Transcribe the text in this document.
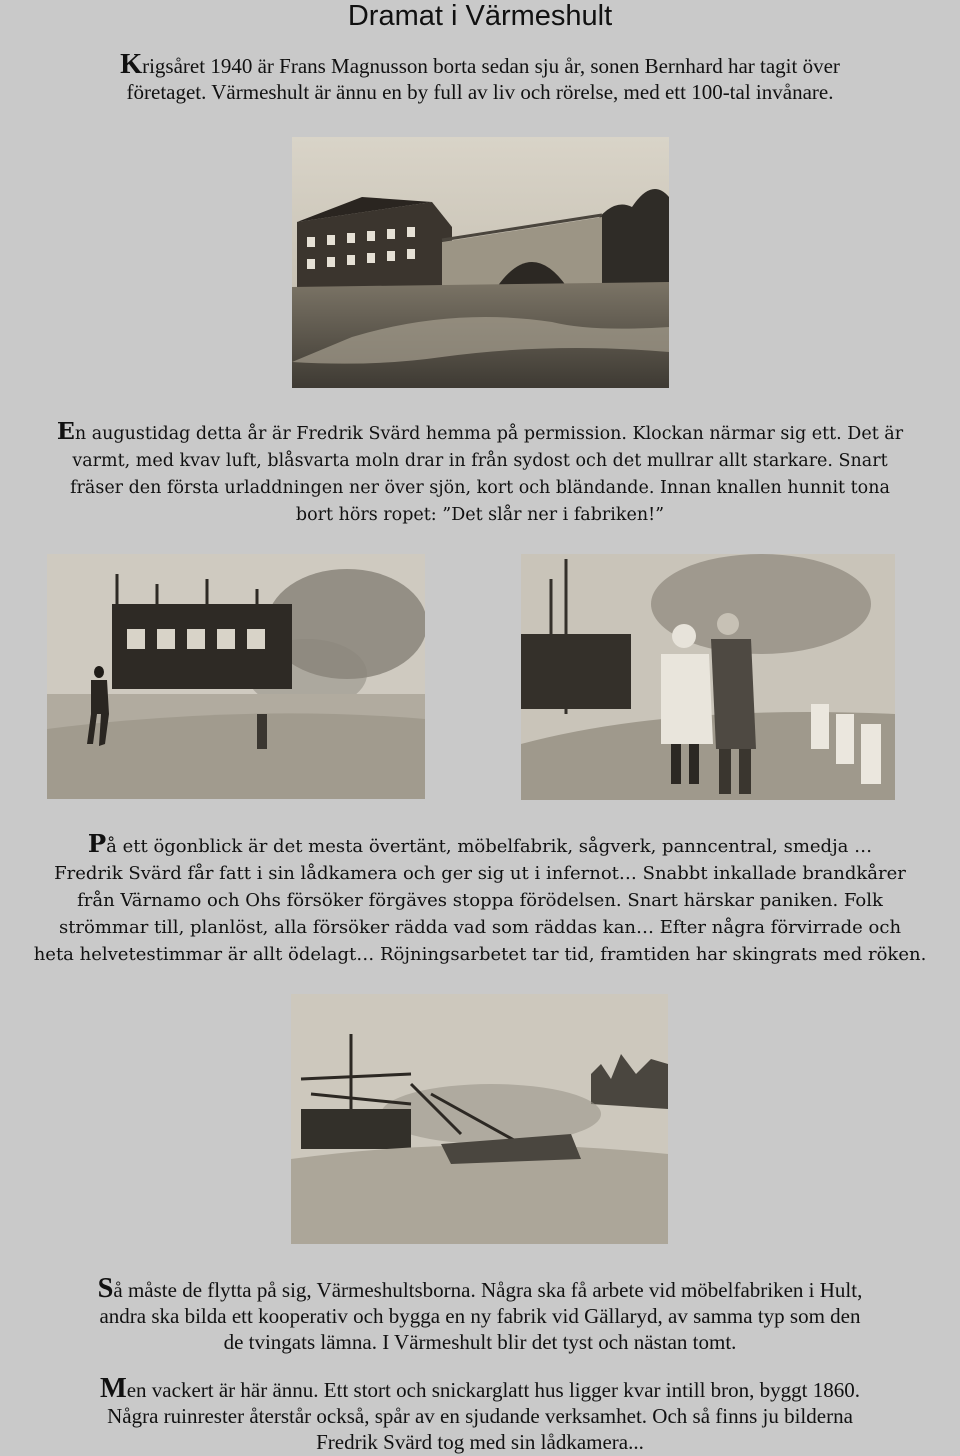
Dramat i Värmeshult
Krigsåret 1940 är Frans Magnusson borta sedan sju år, sonen Bernhard har tagit över
företaget. Värmeshult är ännu en by full av liv och rörelse, med ett 100-tal invånare.
En augustidag detta år är Fredrik Svärd hemma på permission. Klockan närmar sig ett. Det är
varmt, med kvav luft, blåsvarta moln drar in från sydost och det mullrar allt starkare. Snart
fräser den första urladdningen ner över sjön, kort och bländande. Innan knallen hunnit tona
bort hörs ropet: ”Det slår ner i fabriken!”
På ett ögonblick är det mesta övertänt, möbelfabrik, sågverk, panncentral, smedja …
Fredrik Svärd får fatt i sin lådkamera och ger sig ut i infernot… Snabbt inkallade brandkårer
från Värnamo och Ohs försöker förgäves stoppa förödelsen. Snart härskar paniken. Folk
strömmar till, planlöst, alla försöker rädda vad som räddas kan… Efter några förvirrade och
heta helvetestimmar är allt ödelagt… Röjningsarbetet tar tid, framtiden har skingrats med röken.
Så måste de flytta på sig, Värmeshultsborna. Några ska få arbete vid möbelfabriken i Hult,
andra ska bilda ett kooperativ och bygga en ny fabrik vid Gällaryd, av samma typ som den
de tvingats lämna. I Värmeshult blir det tyst och nästan tomt.
Men vackert är här ännu. Ett stort och snickarglatt hus ligger kvar intill bron, byggt 1860.
Några ruinrester återstår också, spår av en sjudande verksamhet. Och så finns ju bilderna
Fredrik Svärd tog med sin lådkamera...
